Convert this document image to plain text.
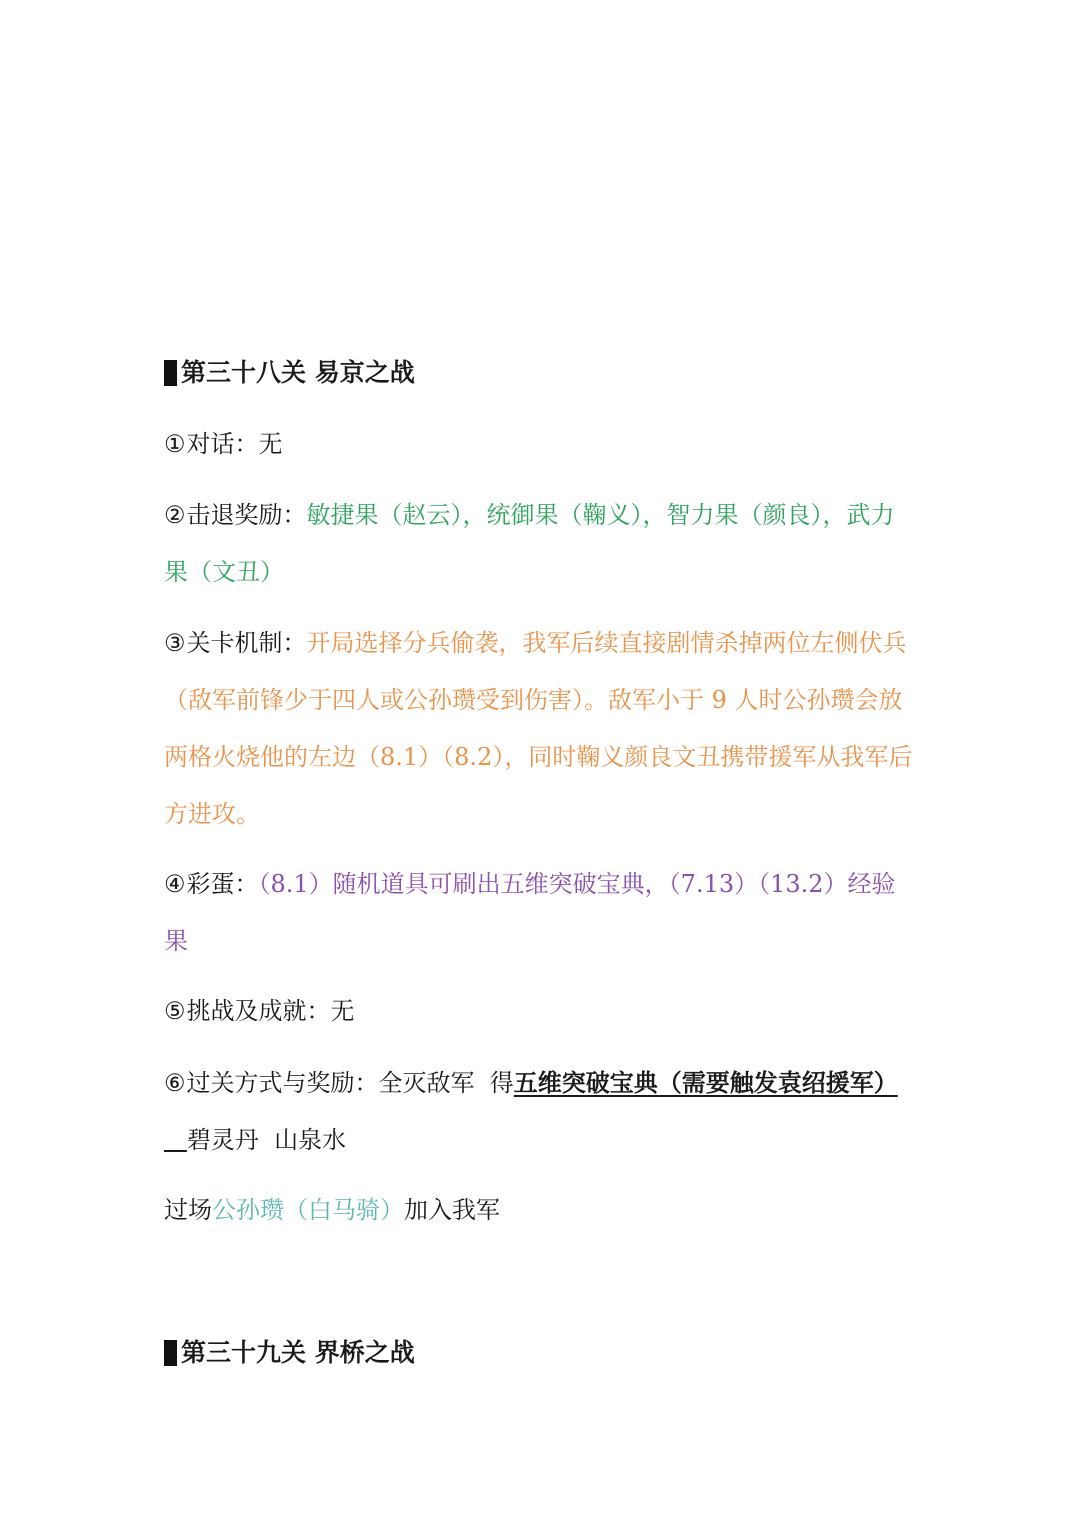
第三十八关 易京之战

①对话：无

②击退奖励：敏捷果（赵云），统御果（鞠义），智力果（颜良），武力果（文丑）

③关卡机制：开局选择分兵偷袭，我军后续直接剧情杀掉两位左侧伏兵（敌军前锋少于四人或公孙瓒受到伤害）。敌军小于 9 人时公孙瓒会放两格火烧他的左边（8.1）（8.2），同时鞠义颜良文丑携带援军从我军后方进攻。

④彩蛋：（8.1）随机道具可刷出五维突破宝典，（7.13）（13.2）经验果

⑤挑战及成就：无

⑥过关方式与奖励：全灭敌军  得五维突破宝典（需要触发袁绍援军）   碧灵丹  山泉水

过场公孙瓒（白马骑）加入我军

第三十九关 界桥之战
